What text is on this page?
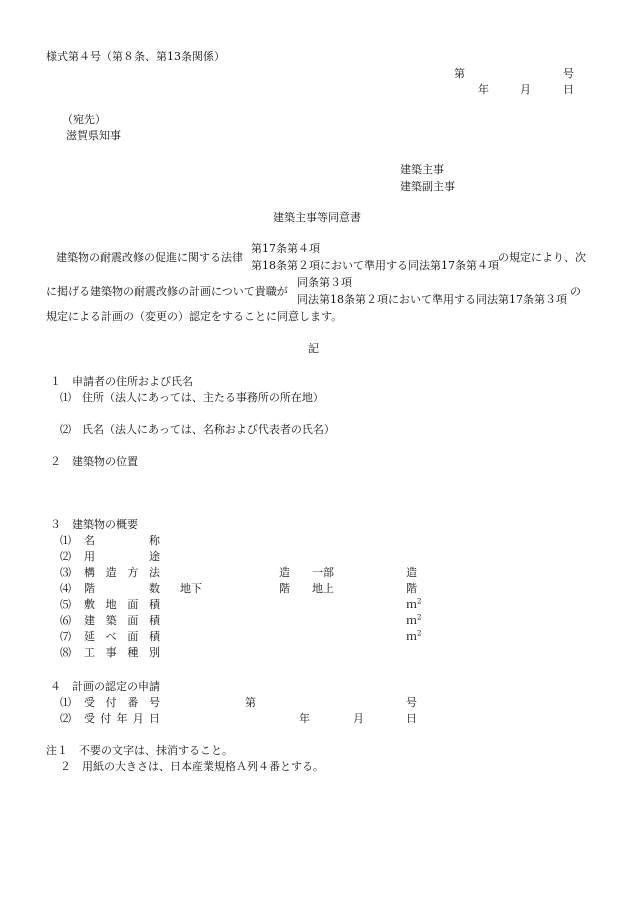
様式第４号（第８条、第13条関係）
第	号
年	月	日
（宛先）
滋賀県知事
建築主事
建築副主事
建築主事等同意書
建築物の耐震改修の促進に関する法律
第17条第４項
第18条第２項において準用する同法第17条第４項
の規定により、次
に掲げる建築物の耐震改修の計画について貴職が
同条第３項
同法第18条第２項において準用する同法第17条第３項
の
規定による計画の（変更の）認定をすることに同意します。
記
１　申請者の住所および氏名
⑴　住所（法人にあっては、主たる事務所の所在地）
⑵　氏名（法人にあっては、名称および代表者の氏名）
２　建築物の位置
３　建築物の概要
⑴ 名	称
⑵ 用	途
⑶ 構 造 方 法	造 一部	造
⑷ 階	数 地下	階 地上	階
⑸ 敷 地 面 積	ｍ$^2$
⑹ 建 築 面 積	ｍ$^2$
⑺ 延 べ 面 積	ｍ$^2$
⑻ 工 事 種 別
４　計画の認定の申請
⑴ 受 付 番 号	第	号
⑵ 受 付 年 月 日	年	月	日
注１　不要の文字は、抹消すること。
２　用紙の大きさは、日本産業規格Ａ列４番とする。
